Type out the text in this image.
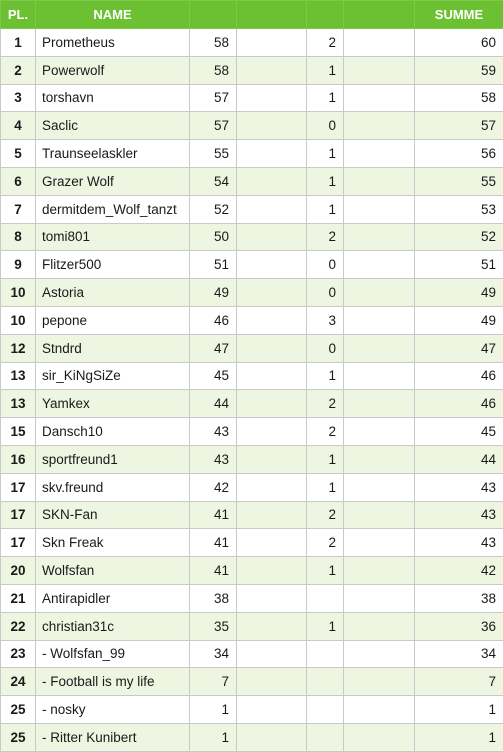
PL.	NAME					SUMME
1	Prometheus	58		2		60
2	Powerwolf	58		1		59
3	torshavn	57		1		58
4	Saclic	57		0		57
5	Traunseelaskler	55		1		56
6	Grazer Wolf	54		1		55
7	dermitdem_Wolf_tanzt	52		1		53
8	tomi801	50		2		52
9	Flitzer500	51		0		51
10	Astoria	49		0		49
10	pepone	46		3		49
12	Stndrd	47		0		47
13	sir_KiNgSiZe	45		1		46
13	Yamkex	44		2		46
15	Dansch10	43		2		45
16	sportfreund1	43		1		44
17	skv.freund	42		1		43
17	SKN-Fan	41		2		43
17	Skn Freak	41		2		43
20	Wolfsfan	41		1		42
21	Antirapidler	38				38
22	christian31c	35		1		36
23	- Wolfsfan_99	34				34
24	- Football is my life	7				7
25	- nosky	1				1
25	- Ritter Kunibert	1				1
